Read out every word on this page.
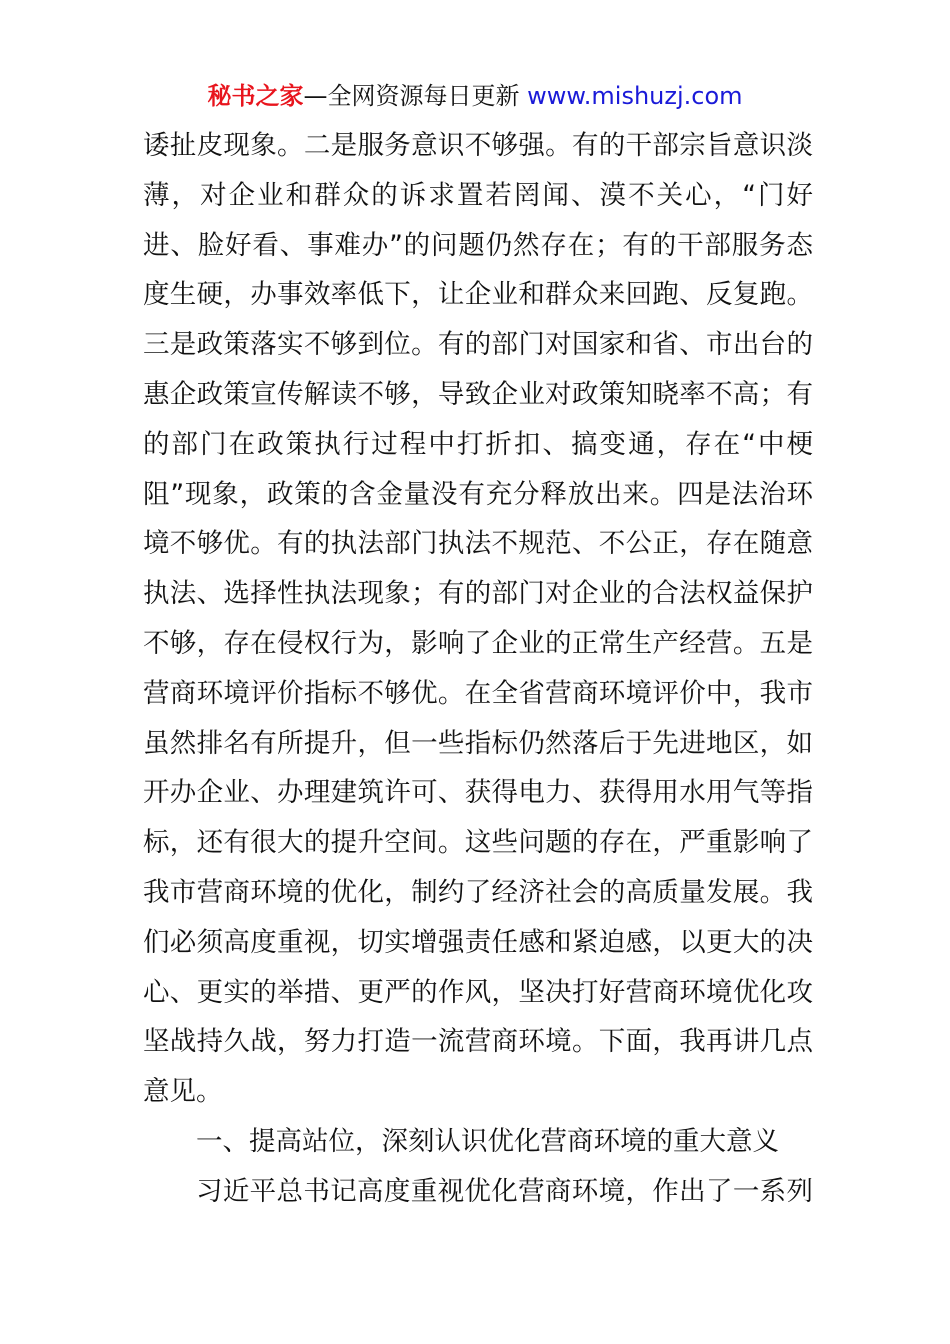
秘书之家—全网资源每日更新 www.mishuzj.com
诿扯皮现象。二是服务意识不够强。有的干部宗旨意识淡
薄，对企业和群众的诉求置若罔闻、漠不关心，“门好
进、脸好看、事难办”的问题仍然存在；有的干部服务态
度生硬，办事效率低下，让企业和群众来回跑、反复跑。
三是政策落实不够到位。有的部门对国家和省、市出台的
惠企政策宣传解读不够，导致企业对政策知晓率不高；有
的部门在政策执行过程中打折扣、搞变通，存在“中梗
阻”现象，政策的含金量没有充分释放出来。四是法治环
境不够优。有的执法部门执法不规范、不公正，存在随意
执法、选择性执法现象；有的部门对企业的合法权益保护
不够，存在侵权行为，影响了企业的正常生产经营。五是
营商环境评价指标不够优。在全省营商环境评价中，我市
虽然排名有所提升，但一些指标仍然落后于先进地区，如
开办企业、办理建筑许可、获得电力、获得用水用气等指
标，还有很大的提升空间。这些问题的存在，严重影响了
我市营商环境的优化，制约了经济社会的高质量发展。我
们必须高度重视，切实增强责任感和紧迫感，以更大的决
心、更实的举措、更严的作风，坚决打好营商环境优化攻
坚战持久战，努力打造一流营商环境。下面，我再讲几点
意见。
一、提高站位，深刻认识优化营商环境的重大意义
习近平总书记高度重视优化营商环境，作出了一系列
